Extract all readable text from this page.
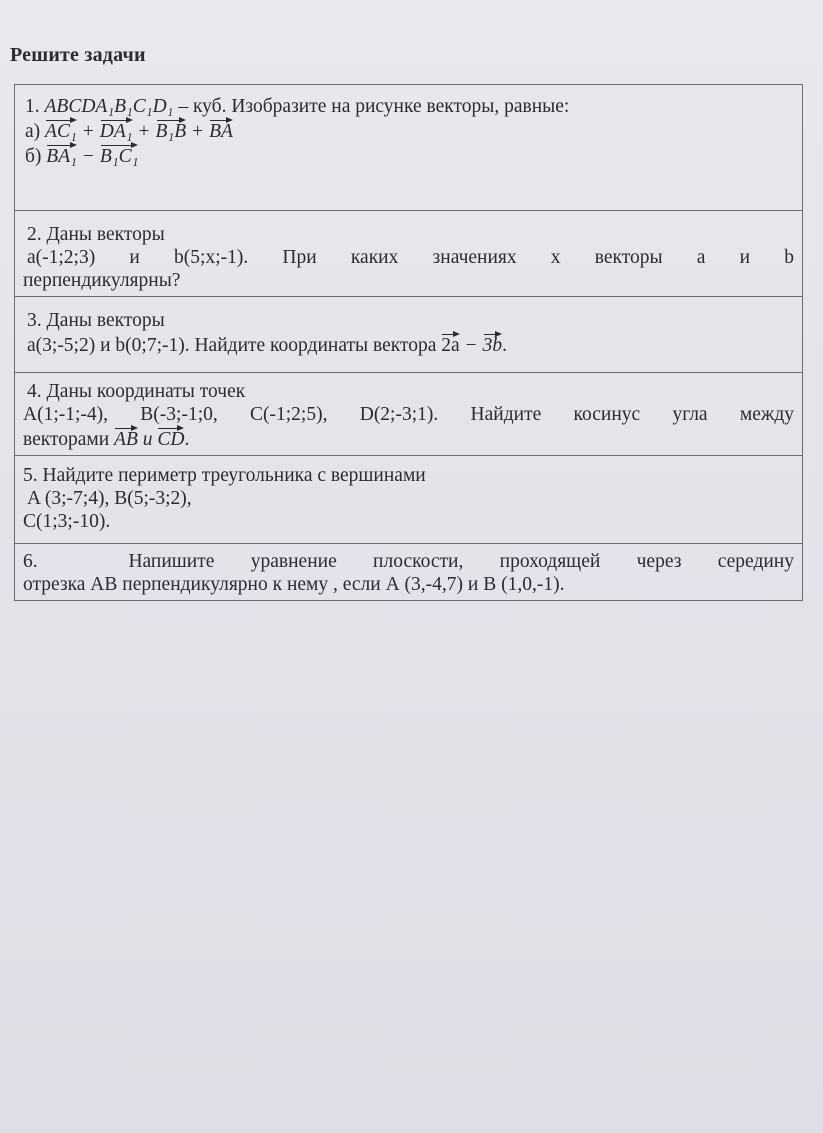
Решите задачи
1. ABCDA₁B₁C₁D₁ – куб. Изобразите на рисунке векторы, равные:
а) AC₁ + DA₁ + B₁B + BA
б) BA₁ − B₁C₁
2. Даны векторы
а(-1;2;3) и b(5;х;-1). При каких значениях х векторы а и b
перпендикулярны?
3. Даны векторы
a(3;-5;2) и b(0;7;-1). Найдите координаты вектора 2a − 3b.
4. Даны координаты точек
A(1;-1;-4), B(-3;-1;0, C(-1;2;5), D(2;-3;1). Найдите косинус угла между
векторами AB и CD.
5. Найдите периметр треугольника с вершинами
A (3;-7;4), B(5;-3;2),
C(1;3;-10).
6.     Напишите  уравнение  плоскости,  проходящей  через  середину
отрезка АВ перпендикулярно к нему , если А (3,-4,7) и В (1,0,-1).
